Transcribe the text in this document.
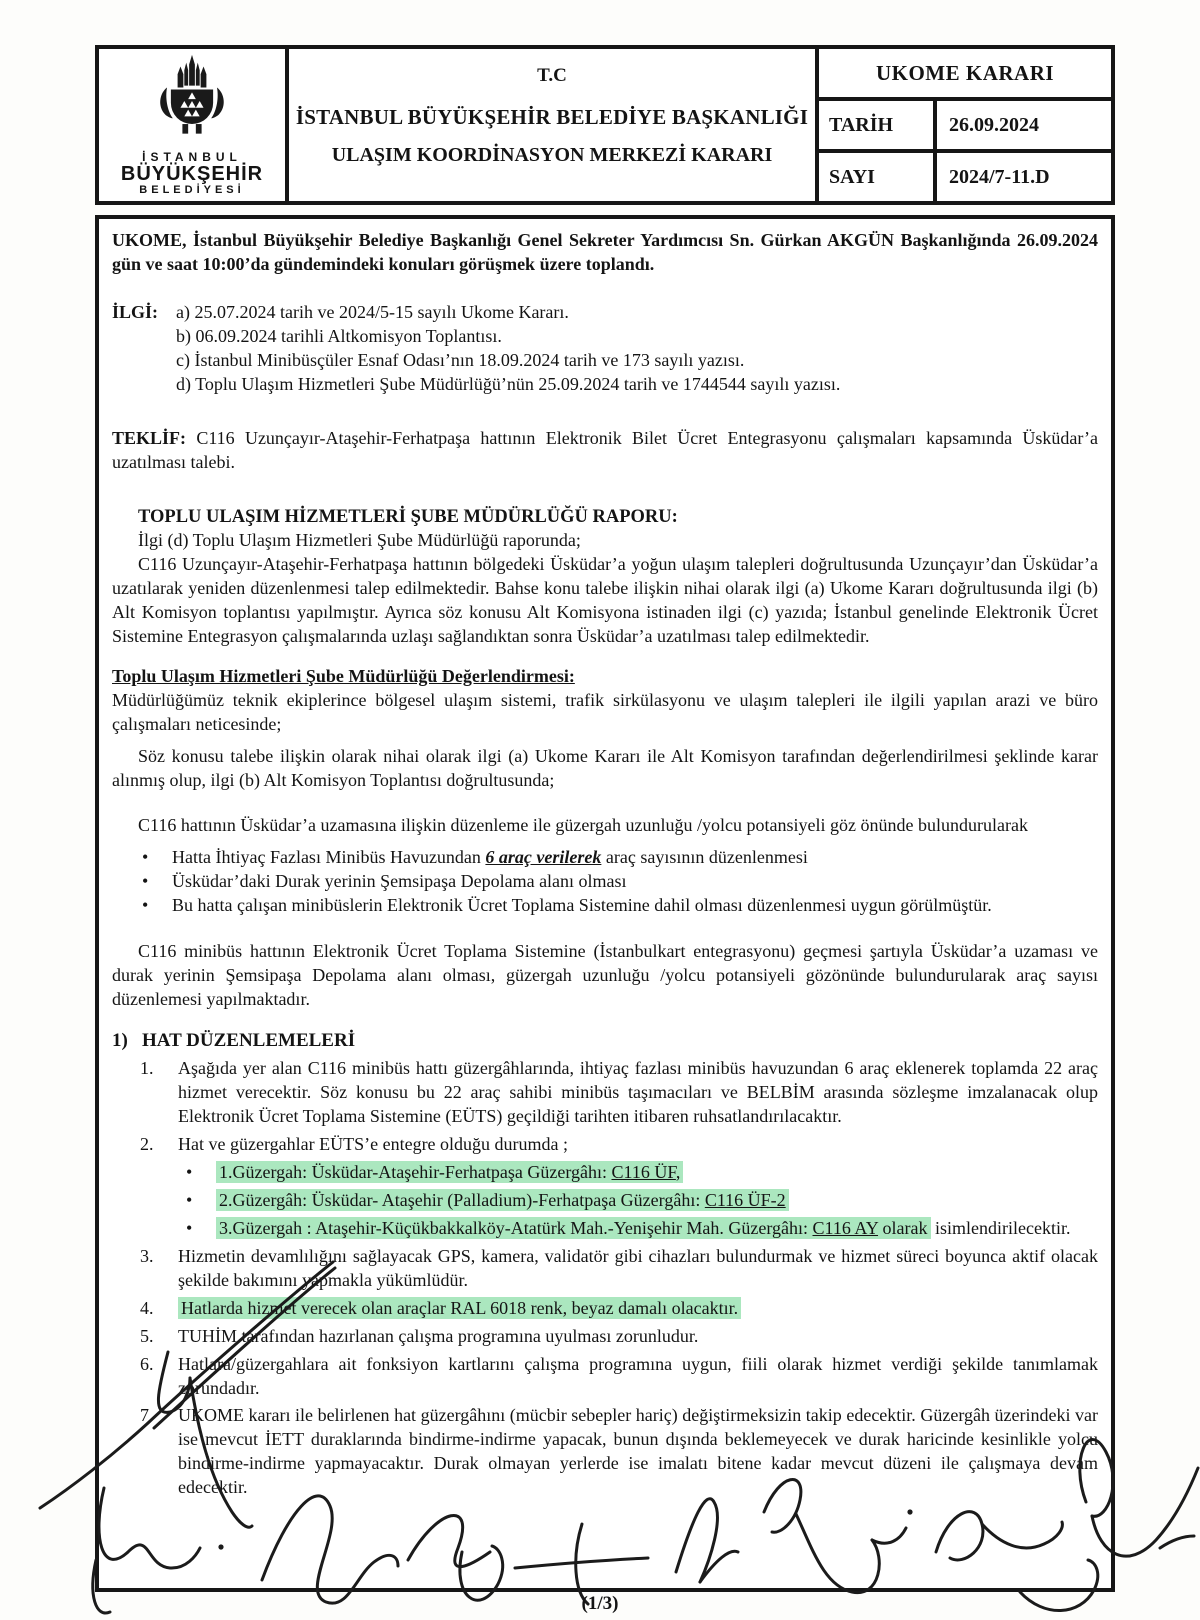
İSTANBUL
BÜYÜKŞEHİR
BELEDİYESİ
T.C
İSTANBUL BÜYÜKŞEHİR BELEDİYE BAŞKANLIĞI
ULAŞIM KOORDİNASYON MERKEZİ KARARI
UKOME KARARI
TARİH	26.09.2024
SAYI	2024/7-11.D
UKOME, İstanbul Büyükşehir Belediye Başkanlığı Genel Sekreter Yardımcısı Sn. Gürkan AKGÜN Başkanlığında 26.09.2024 gün ve saat 10:00’da gündemindeki konuları görüşmek üzere toplandı.
İLGİ: a) 25.07.2024 tarih ve 2024/5-15 sayılı Ukome Kararı.
b) 06.09.2024 tarihli Altkomisyon Toplantısı.
c) İstanbul Minibüsçüler Esnaf Odası’nın 18.09.2024 tarih ve 173 sayılı yazısı.
d) Toplu Ulaşım Hizmetleri Şube Müdürlüğü’nün 25.09.2024 tarih ve 1744544 sayılı yazısı.
TEKLİF: C116 Uzunçayır-Ataşehir-Ferhatpaşa hattının Elektronik Bilet Ücret Entegrasyonu çalışmaları kapsamında Üsküdar’a uzatılması talebi.
TOPLU ULAŞIM HİZMETLERİ ŞUBE MÜDÜRLÜĞÜ RAPORU:
İlgi (d) Toplu Ulaşım Hizmetleri Şube Müdürlüğü raporunda;
C116 Uzunçayır-Ataşehir-Ferhatpaşa hattının bölgedeki Üsküdar’a yoğun ulaşım talepleri doğrultusunda Uzunçayır’dan Üsküdar’a uzatılarak yeniden düzenlenmesi talep edilmektedir. Bahse konu talebe ilişkin nihai olarak ilgi (a) Ukome Kararı doğrultusunda ilgi (b) Alt Komisyon toplantısı yapılmıştır. Ayrıca söz konusu Alt Komisyona istinaden ilgi (c) yazıda; İstanbul genelinde Elektronik Ücret Sistemine Entegrasyon çalışmalarında uzlaşı sağlandıktan sonra Üsküdar’a uzatılması talep edilmektedir.
Toplu Ulaşım Hizmetleri Şube Müdürlüğü Değerlendirmesi:
Müdürlüğümüz teknik ekiplerince bölgesel ulaşım sistemi, trafik sirkülasyonu ve ulaşım talepleri ile ilgili yapılan arazi ve büro çalışmaları neticesinde;
Söz konusu talebe ilişkin olarak nihai olarak ilgi (a) Ukome Kararı ile Alt Komisyon tarafından değerlendirilmesi şeklinde karar alınmış olup, ilgi (b) Alt Komisyon Toplantısı doğrultusunda;
C116 hattının Üsküdar’a uzamasına ilişkin düzenleme ile güzergah uzunluğu /yolcu potansiyeli göz önünde bulundurularak
•
Hatta İhtiyaç Fazlası Minibüs Havuzundan 6 araç verilerek araç sayısının düzenlenmesi
•
Üsküdar’daki Durak yerinin Şemsipaşa Depolama alanı olması
•
Bu hatta çalışan minibüslerin Elektronik Ücret Toplama Sistemine dahil olması düzenlenmesi uygun görülmüştür.
C116 minibüs hattının Elektronik Ücret Toplama Sistemine (İstanbulkart entegrasyonu) geçmesi şartıyla Üsküdar’a uzaması ve durak yerinin Şemsipaşa Depolama alanı olması, güzergah uzunluğu /yolcu potansiyeli gözönünde bulundurularak araç sayısı düzenlemesi yapılmaktadır.
1) HAT DÜZENLEMELERİ
1.	Aşağıda yer alan C116 minibüs hattı güzergâhlarında, ihtiyaç fazlası minibüs havuzundan 6 araç eklenerek toplamda 22 araç hizmet verecektir. Söz konusu bu 22 araç sahibi minibüs taşımacıları ve BELBİM arasında sözleşme imzalanacak olup Elektronik Ücret Toplama Sistemine (EÜTS) geçildiği tarihten itibaren ruhsatlandırılacaktır.
2.	Hat ve güzergahlar EÜTS’e entegre olduğu durumda ;
•
1.Güzergah: Üsküdar-Ataşehir-Ferhatpaşa Güzergâhı: C116 ÜF,
•
2.Güzergâh: Üsküdar- Ataşehir (Palladium)-Ferhatpaşa Güzergâhı: C116 ÜF-2
•
3.Güzergah : Ataşehir-Küçükbakkalköy-Atatürk Mah.-Yenişehir Mah. Güzergâhı: C116 AY olarak isimlendirilecektir.
3.	Hizmetin devamlılığını sağlayacak GPS, kamera, validatör gibi cihazları bulundurmak ve hizmet süreci boyunca aktif olacak şekilde bakımını yapmakla yükümlüdür.
4.	Hatlarda hizmet verecek olan araçlar RAL 6018 renk, beyaz damalı olacaktır.
5.	TUHİM tarafından hazırlanan çalışma programına uyulması zorunludur.
6.	Hatlara/güzergahlara ait fonksiyon kartlarını çalışma programına uygun, fiili olarak hizmet verdiği şekilde tanımlamak zorundadır.
7.	UKOME kararı ile belirlenen hat güzergâhını (mücbir sebepler hariç) değiştirmeksizin takip edecektir. Güzergâh üzerindeki var ise mevcut İETT duraklarında bindirme-indirme yapacak, bunun dışında beklemeyecek ve durak haricinde kesinlikle yolcu bindirme-indirme yapmayacaktır. Durak olmayan yerlerde ise imalatı bitene kadar mevcut düzeni ile çalışmaya devam edecektir.
(1/3)
